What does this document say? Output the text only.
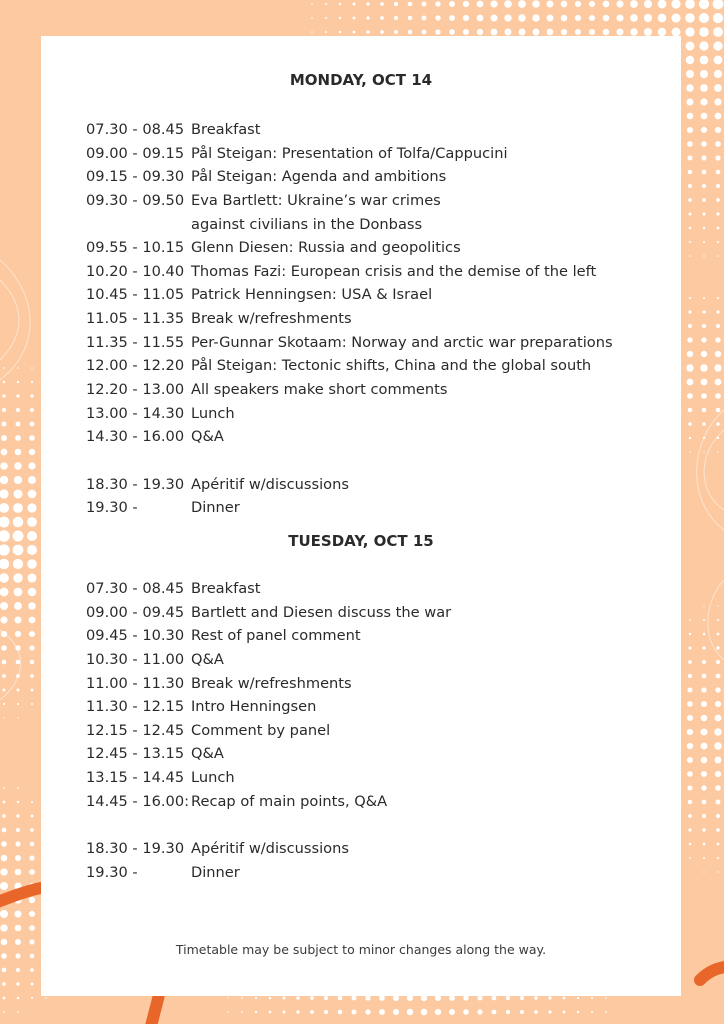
MONDAY, OCT 14
07.30 - 08.45 Breakfast
09.00 - 09.15 Pål Steigan: Presentation of Tolfa/Cappucini
09.15 - 09.30 Pål Steigan: Agenda and ambitions
09.30 - 09.50 Eva Bartlett: Ukraine’s war crimes
against civilians in the Donbass
09.55 - 10.15 Glenn Diesen: Russia and geopolitics
10.20 - 10.40 Thomas Fazi: European crisis and the demise of the left
10.45 - 11.05 Patrick Henningsen: USA & Israel
11.05 - 11.35 Break w/refreshments
11.35 - 11.55 Per-Gunnar Skotaam: Norway and arctic war preparations
12.00 - 12.20 Pål Steigan: Tectonic shifts, China and the global south
12.20 - 13.00 All speakers make short comments
13.00 - 14.30 Lunch
14.30 - 16.00 Q&A
18.30 - 19.30 Apéritif w/discussions
19.30 -	Dinner
TUESDAY, OCT 15
07.30 - 08.45 Breakfast
09.00 - 09.45 Bartlett and Diesen discuss the war
09.45 - 10.30 Rest of panel comment
10.30 - 11.00 Q&A
11.00 - 11.30 Break w/refreshments
11.30 - 12.15 Intro Henningsen
12.15 - 12.45 Comment by panel
12.45 - 13.15 Q&A
13.15 - 14.45 Lunch
14.45 - 16.00: Recap of main points, Q&A
18.30 - 19.30 Apéritif w/discussions
19.30 -	Dinner

Timetable may be subject to minor changes along the way.
